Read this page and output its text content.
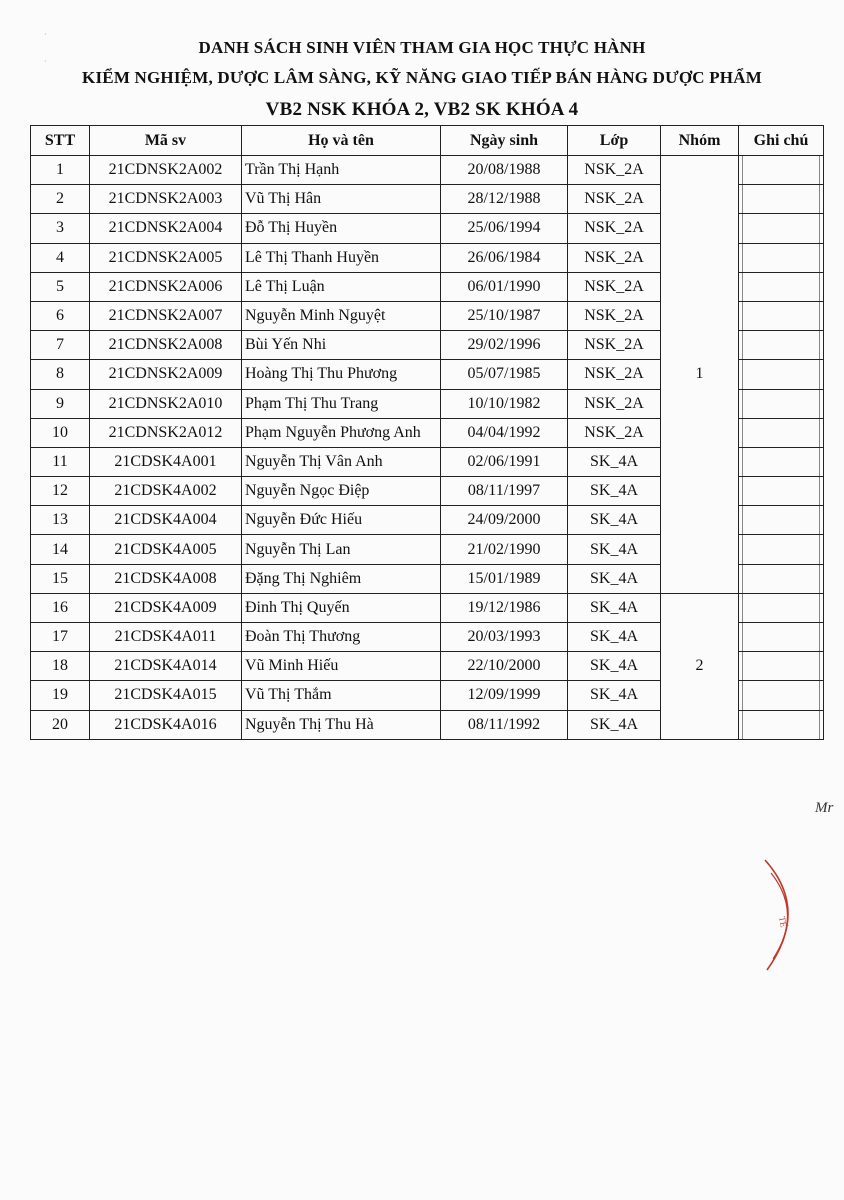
·

·
DANH SÁCH SINH VIÊN THAM GIA HỌC THỰC HÀNH
KIỂM NGHIỆM, DƯỢC LÂM SÀNG, KỸ NĂNG GIAO TIẾP BÁN HÀNG DƯỢC PHẨM
VB2 NSK KHÓA 2, VB2 SK KHÓA 4
STT	Mã sv	Họ và tên	Ngày sinh	Lớp	Nhóm	Ghi chú
1	21CDNSK2A002	Trần Thị Hạnh	20/08/1988	NSK_2A	1	

2	21CDNSK2A003	Vũ Thị Hân	28/12/1988	NSK_2A		

3	21CDNSK2A004	Đỗ Thị Huyền	25/06/1994	NSK_2A		

4	21CDNSK2A005	Lê Thị Thanh Huyền	26/06/1984	NSK_2A		

5	21CDNSK2A006	Lê Thị Luận	06/01/1990	NSK_2A		

6	21CDNSK2A007	Nguyễn Minh Nguyệt	25/10/1987	NSK_2A		

7	21CDNSK2A008	Bùi Yến Nhi	29/02/1996	NSK_2A		

8	21CDNSK2A009	Hoàng Thị Thu Phương	05/07/1985	NSK_2A		

9	21CDNSK2A010	Phạm Thị Thu Trang	10/10/1982	NSK_2A		

10	21CDNSK2A012	Phạm Nguyễn Phương Anh	04/04/1992	NSK_2A		

11	21CDSK4A001	Nguyễn Thị Vân Anh	02/06/1991	SK_4A		

12	21CDSK4A002	Nguyễn Ngọc Điệp	08/11/1997	SK_4A		

13	21CDSK4A004	Nguyễn Đức Hiếu	24/09/2000	SK_4A		

14	21CDSK4A005	Nguyễn Thị Lan	21/02/1990	SK_4A		

15	21CDSK4A008	Đặng Thị Nghiêm	15/01/1989	SK_4A		

16	21CDSK4A009	Đinh Thị Quyến	19/12/1986	SK_4A	2	

17	21CDSK4A011	Đoàn Thị Thương	20/03/1993	SK_4A		

18	21CDSK4A014	Vũ Minh Hiếu	22/10/2000	SK_4A		

19	21CDSK4A015	Vũ Thị Thắm	12/09/1999	SK_4A		

20	21CDSK4A016	Nguyễn Thị Thu Hà	08/11/1992	SK_4A		
Mr
TẾ
